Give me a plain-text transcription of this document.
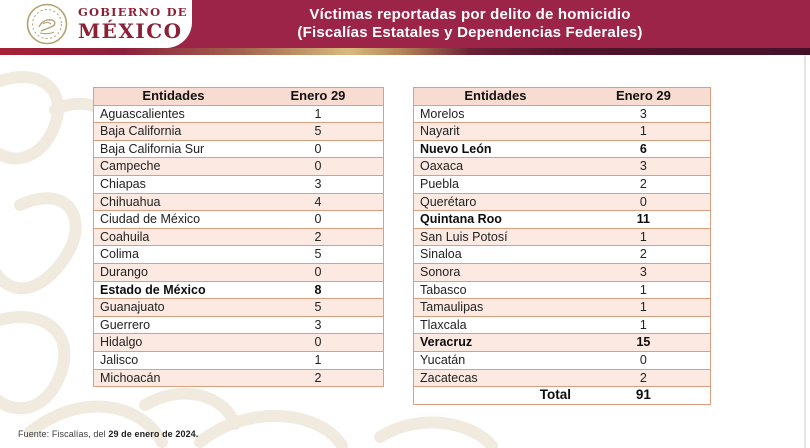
Víctimas reportadas por delito de homicidio
(Fiscalías Estatales y Dependencias Federales)
GOBIERNO DE
MÉXICO
Entidades	Enero 29
Aguascalientes	1
Baja California	5
Baja California Sur	0
Campeche	0
Chiapas	3
Chihuahua	4
Ciudad de México	0
Coahuila	2
Colima	5
Durango	0
Estado de México	8
Guanajuato	5
Guerrero	3
Hidalgo	0
Jalisco	1
Michoacán	2
Entidades	Enero 29
Morelos	3
Nayarit	1
Nuevo León	6
Oaxaca	3
Puebla	2
Querétaro	0
Quintana Roo	11
San Luis Potosí	1
Sinaloa	2
Sonora	3
Tabasco	1
Tamaulipas	1
Tlaxcala	1
Veracruz	15
Yucatán	0
Zacatecas	2
Total	91
Fuente: Fiscalías, del 29 de enero de 2024.
